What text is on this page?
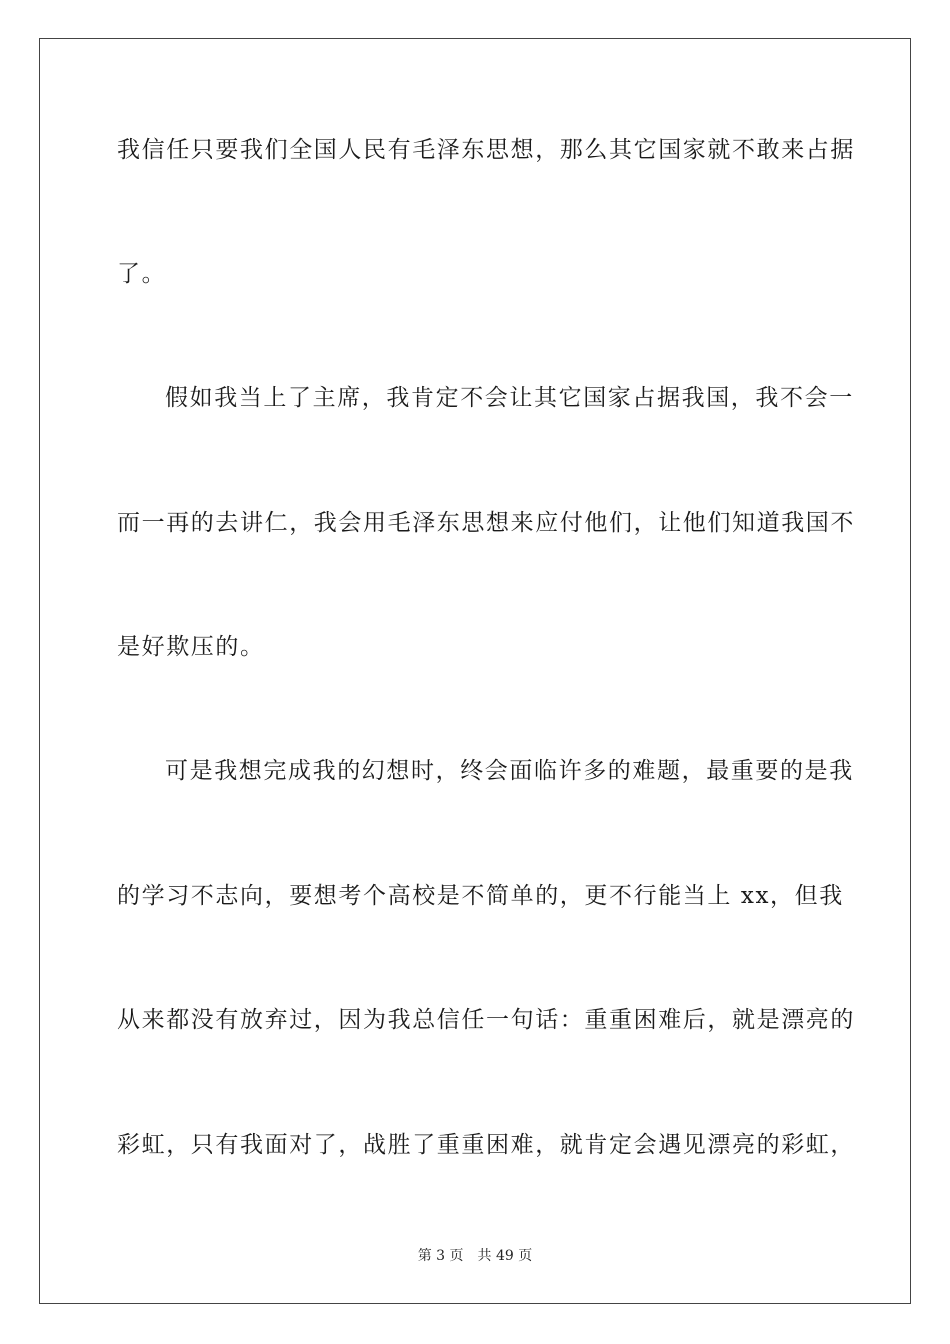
我信任只要我们全国人民有毛泽东思想，那么其它国家就不敢来占据
了。
假如我当上了主席，我肯定不会让其它国家占据我国，我不会一
而一再的去讲仁，我会用毛泽东思想来应付他们，让他们知道我国不
是好欺压的。
可是我想完成我的幻想时，终会面临许多的难题，最重要的是我
的学习不志向，要想考个高校是不简单的，更不行能当上 xx，但我
从来都没有放弃过，因为我总信任一句话：重重困难后，就是漂亮的
彩虹，只有我面对了，战胜了重重困难，就肯定会遇见漂亮的彩虹，
第 3 页 共 49 页
